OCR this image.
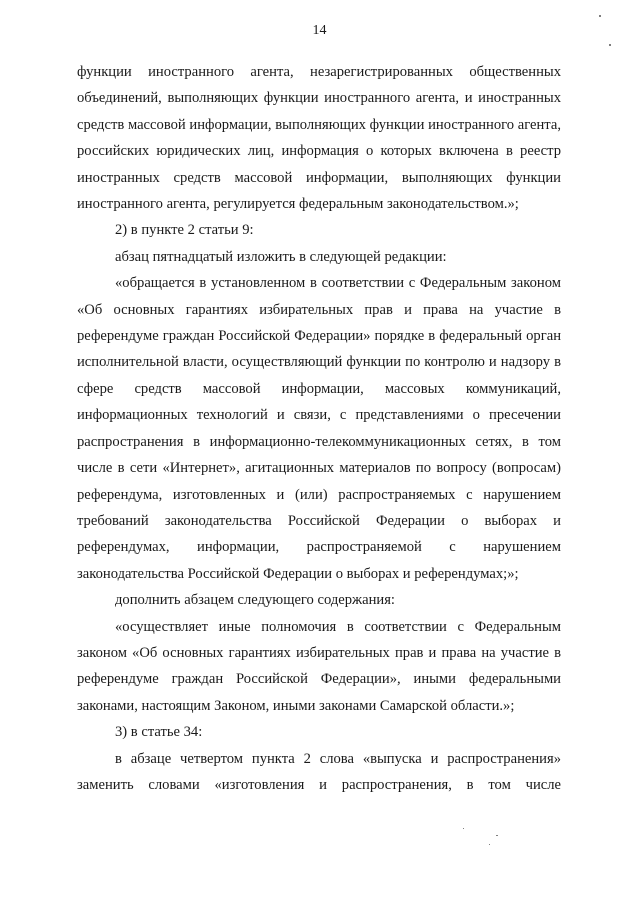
14

функции иностранного агента, незарегистрированных общественных объединений, выполняющих функции иностранного агента, и иностранных средств массовой информации, выполняющих функции иностранного агента, российских юридических лиц, информация о которых включена в реестр иностранных средств массовой информации, выполняющих функции иностранного агента, регулируется федеральным законодательством.»;

2) в пункте 2 статьи 9:

абзац пятнадцатый изложить в следующей редакции:

«обращается в установленном в соответствии с Федеральным законом «Об основных гарантиях избирательных прав и права на участие в референдуме граждан Российской Федерации» порядке в федеральный орган исполнительной власти, осуществляющий функции по контролю и надзору в сфере средств массовой информации, массовых коммуникаций, информационных технологий и связи, с представлениями о пресечении распространения в информационно-телекоммуникационных сетях, в том числе в сети «Интернет», агитационных материалов по вопросу (вопросам) референдума, изготовленных и (или) распространяемых с нарушением требований законодательства Российской Федерации о выборах и референдумах, информации, распространяемой с нарушением законодательства Российской Федерации о выборах и референдумах;»;

дополнить абзацем следующего содержания:

«осуществляет иные полномочия в соответствии с Федеральным законом «Об основных гарантиях избирательных прав и права на участие в референдуме граждан Российской Федерации», иными федеральными законами, настоящим Законом, иными законами Самарской области.»;

3) в статье 34:

в абзаце четвертом пункта 2 слова «выпуска и распространения» заменить словами «изготовления и распространения, в том числе
